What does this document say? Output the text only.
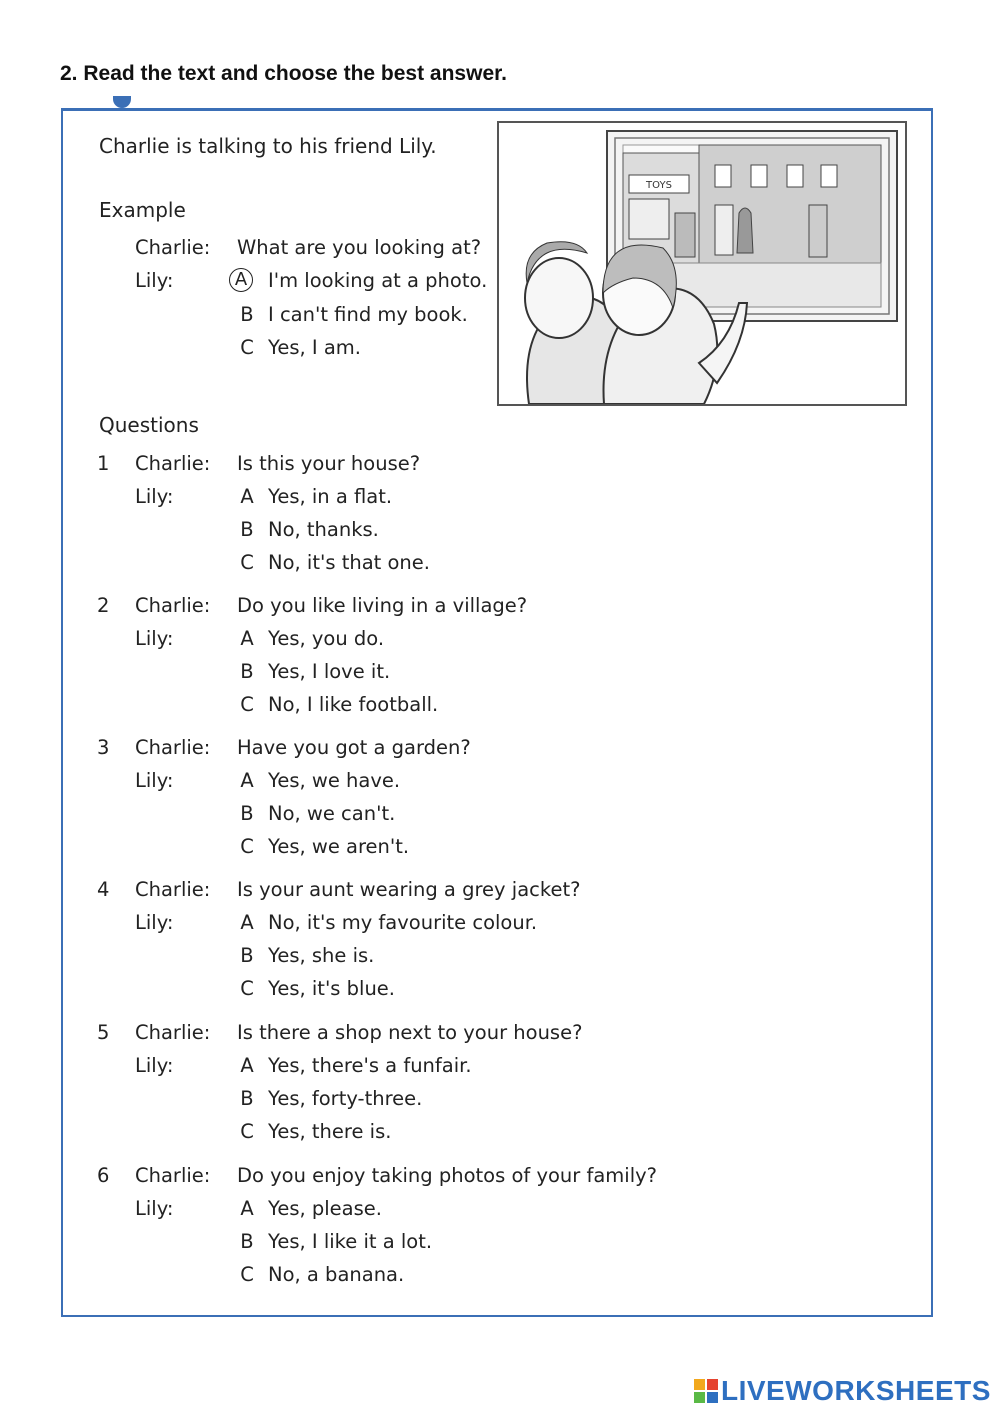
2. Read the text and choose the best answer.
Charlie is talking to his friend Lily.
Example
Charlie: What are you looking at?
Lily:	A I'm looking at a photo.
B I can't find my book.
C Yes, I am.
TOYS
Questions
1 Charlie: Is this your house?
Lily:	A Yes, in a flat.
B No, thanks.
C No, it's that one.
2 Charlie: Do you like living in a village?
Lily:	A Yes, you do.
B Yes, I love it.
C No, I like football.
3 Charlie: Have you got a garden?
Lily:	A Yes, we have.
B No, we can't.
C Yes, we aren't.
4 Charlie: Is your aunt wearing a grey jacket?
Lily:	A No, it's my favourite colour.
B Yes, she is.
C Yes, it's blue.
5 Charlie: Is there a shop next to your house?
Lily:	A Yes, there's a funfair.
B Yes, forty-three.
C Yes, there is.
6 Charlie: Do you enjoy taking photos of your family?
Lily:	A Yes, please.
B Yes, I like it a lot.
C No, a banana.
LIVEWORKSHEETS
